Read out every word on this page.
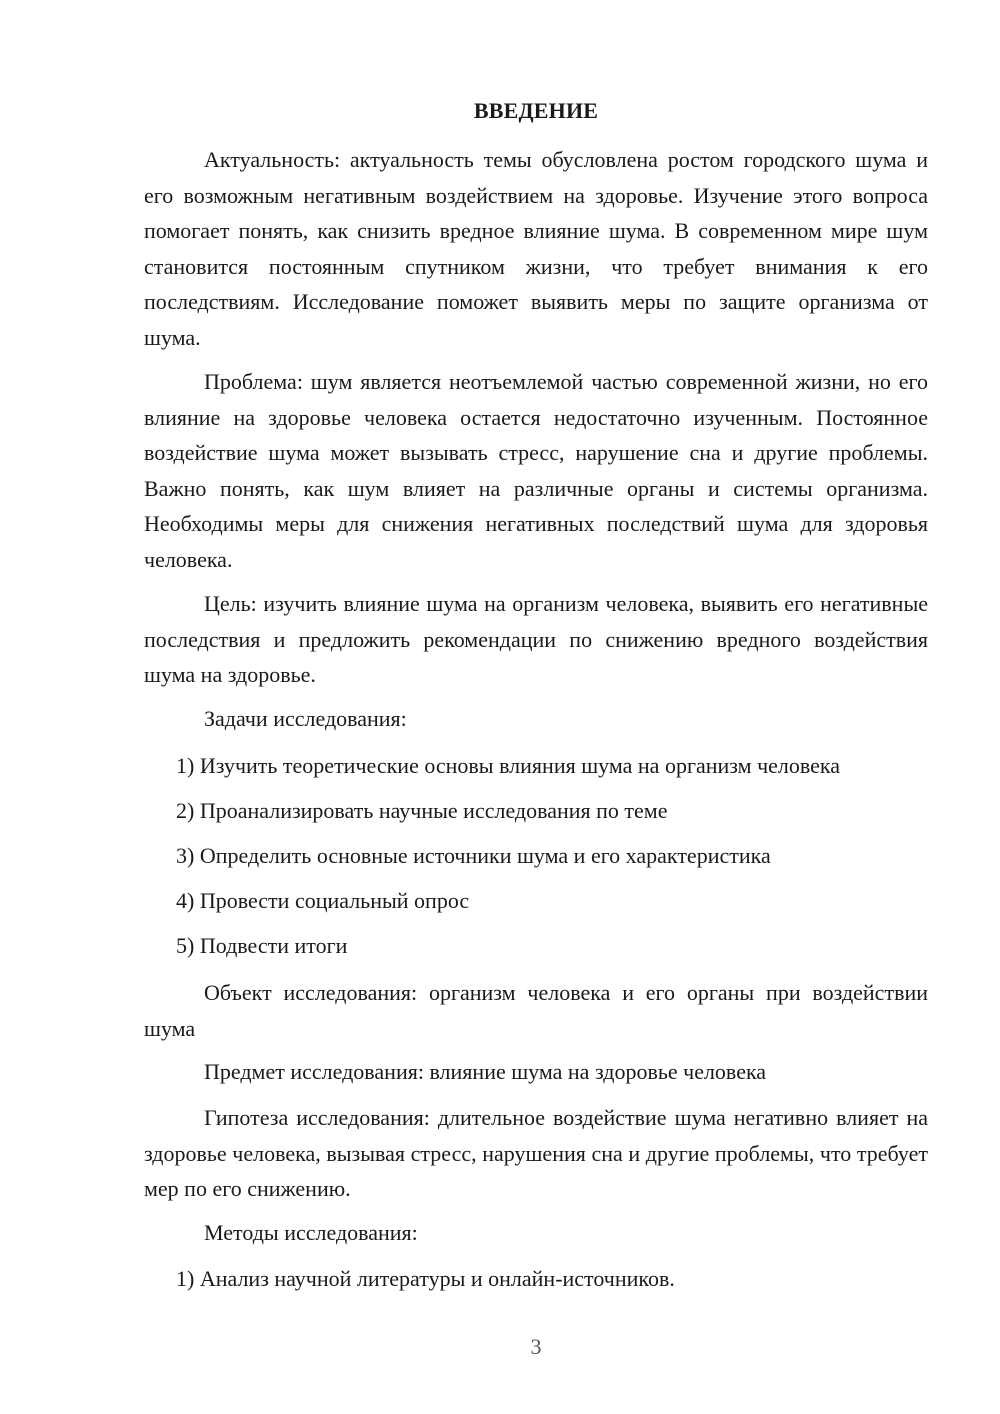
ВВЕДЕНИЕ
Актуальность: актуальность темы обусловлена ростом городского шума и его возможным негативным воздействием на здоровье. Изучение этого вопроса помогает понять, как снизить вредное влияние шума. В современном мире шум становится постоянным спутником жизни, что требует внимания к его последствиям. Исследование поможет выявить меры по защите организма от шума.
Проблема: шум является неотъемлемой частью современной жизни, но его влияние на здоровье человека остается недостаточно изученным. Постоянное воздействие шума может вызывать стресс, нарушение сна и другие проблемы. Важно понять, как шум влияет на различные органы и системы организма. Необходимы меры для снижения негативных последствий шума для здоровья человека.
Цель: изучить влияние шума на организм человека, выявить его негативные последствия и предложить рекомендации по снижению вредного воздействия шума на здоровье.
Задачи исследования:
1) Изучить теоретические основы влияния шума на организм человека
2) Проанализировать научные исследования по теме
3) Определить основные источники шума и его характеристика
4) Провести социальный опрос
5) Подвести итоги
Объект исследования: организм человека и его органы при воздействии шума
Предмет исследования: влияние шума на здоровье человека
Гипотеза исследования: длительное воздействие шума негативно влияет на здоровье человека, вызывая стресс, нарушения сна и другие проблемы, что требует мер по его снижению.
Методы исследования:
1) Анализ научной литературы и онлайн-источников.
3
